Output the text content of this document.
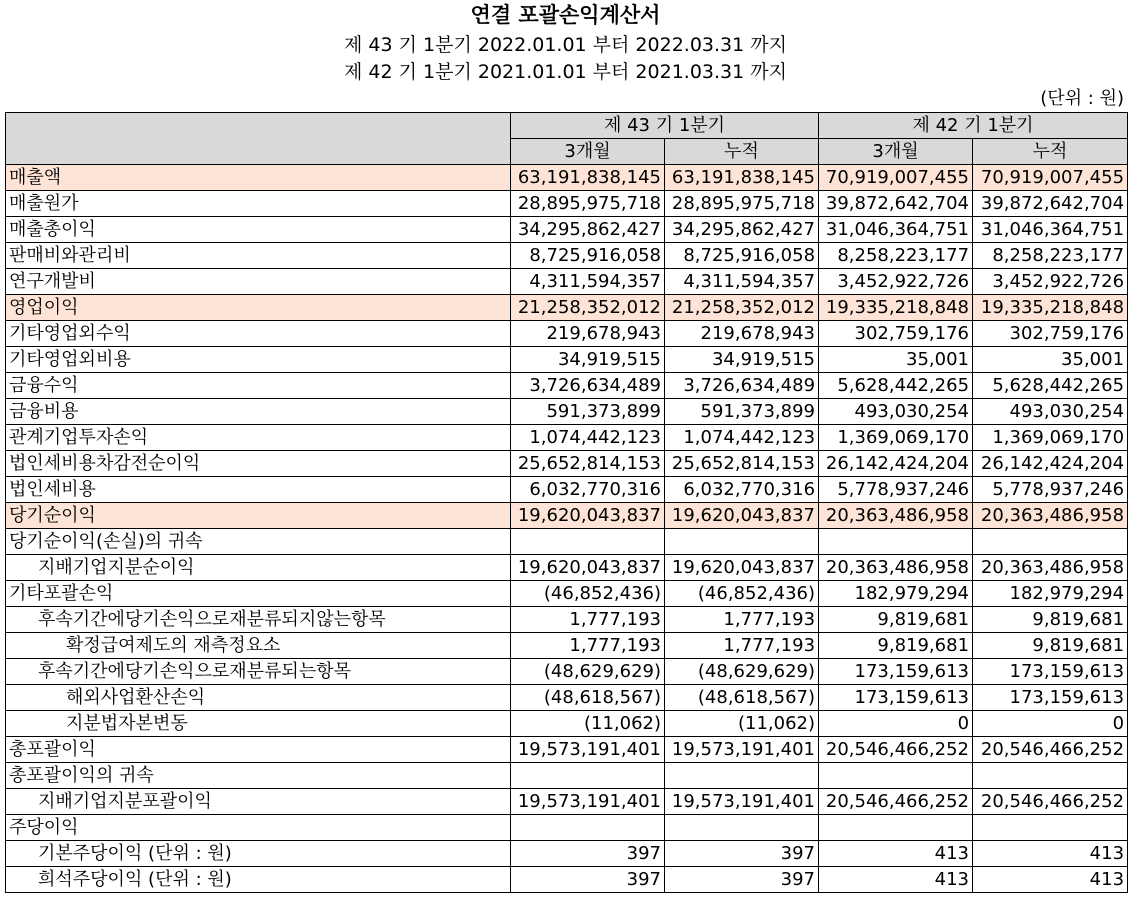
연결 포괄손익계산서
제 43 기 1분기 2022.01.01 부터 2022.03.31 까지
제 42 기 1분기 2021.01.01 부터 2021.03.31 까지
(단위 : 원)
	제 43 기 1분기		제 42 기 1분기	
	3개월	누적	3개월	누적
매출액	63,191,838,145	63,191,838,145	70,919,007,455	70,919,007,455
매출원가	28,895,975,718	28,895,975,718	39,872,642,704	39,872,642,704
매출총이익	34,295,862,427	34,295,862,427	31,046,364,751	31,046,364,751
판매비와관리비	8,725,916,058	8,725,916,058	8,258,223,177	8,258,223,177
연구개발비	4,311,594,357	4,311,594,357	3,452,922,726	3,452,922,726
영업이익	21,258,352,012	21,258,352,012	19,335,218,848	19,335,218,848
기타영업외수익	219,678,943	219,678,943	302,759,176	302,759,176
기타영업외비용	34,919,515	34,919,515	35,001	35,001
금융수익	3,726,634,489	3,726,634,489	5,628,442,265	5,628,442,265
금융비용	591,373,899	591,373,899	493,030,254	493,030,254
관계기업투자손익	1,074,442,123	1,074,442,123	1,369,069,170	1,369,069,170
법인세비용차감전순이익	25,652,814,153	25,652,814,153	26,142,424,204	26,142,424,204
법인세비용	6,032,770,316	6,032,770,316	5,778,937,246	5,778,937,246
당기순이익	19,620,043,837	19,620,043,837	20,363,486,958	20,363,486,958
당기순이익(손실)의 귀속				
지배기업지분순이익	19,620,043,837	19,620,043,837	20,363,486,958	20,363,486,958
기타포괄손익	(46,852,436)	(46,852,436)	182,979,294	182,979,294
후속기간에당기손익으로재분류되지않는항목	1,777,193	1,777,193	9,819,681	9,819,681
확정급여제도의 재측정요소	1,777,193	1,777,193	9,819,681	9,819,681
후속기간에당기손익으로재분류되는항목	(48,629,629)	(48,629,629)	173,159,613	173,159,613
해외사업환산손익	(48,618,567)	(48,618,567)	173,159,613	173,159,613
지분법자본변동	(11,062)	(11,062)	0	0
총포괄이익	19,573,191,401	19,573,191,401	20,546,466,252	20,546,466,252
총포괄이익의 귀속				
지배기업지분포괄이익	19,573,191,401	19,573,191,401	20,546,466,252	20,546,466,252
주당이익				
기본주당이익 (단위 : 원)	397	397	413	413
희석주당이익 (단위 : 원)	397	397	413	413
